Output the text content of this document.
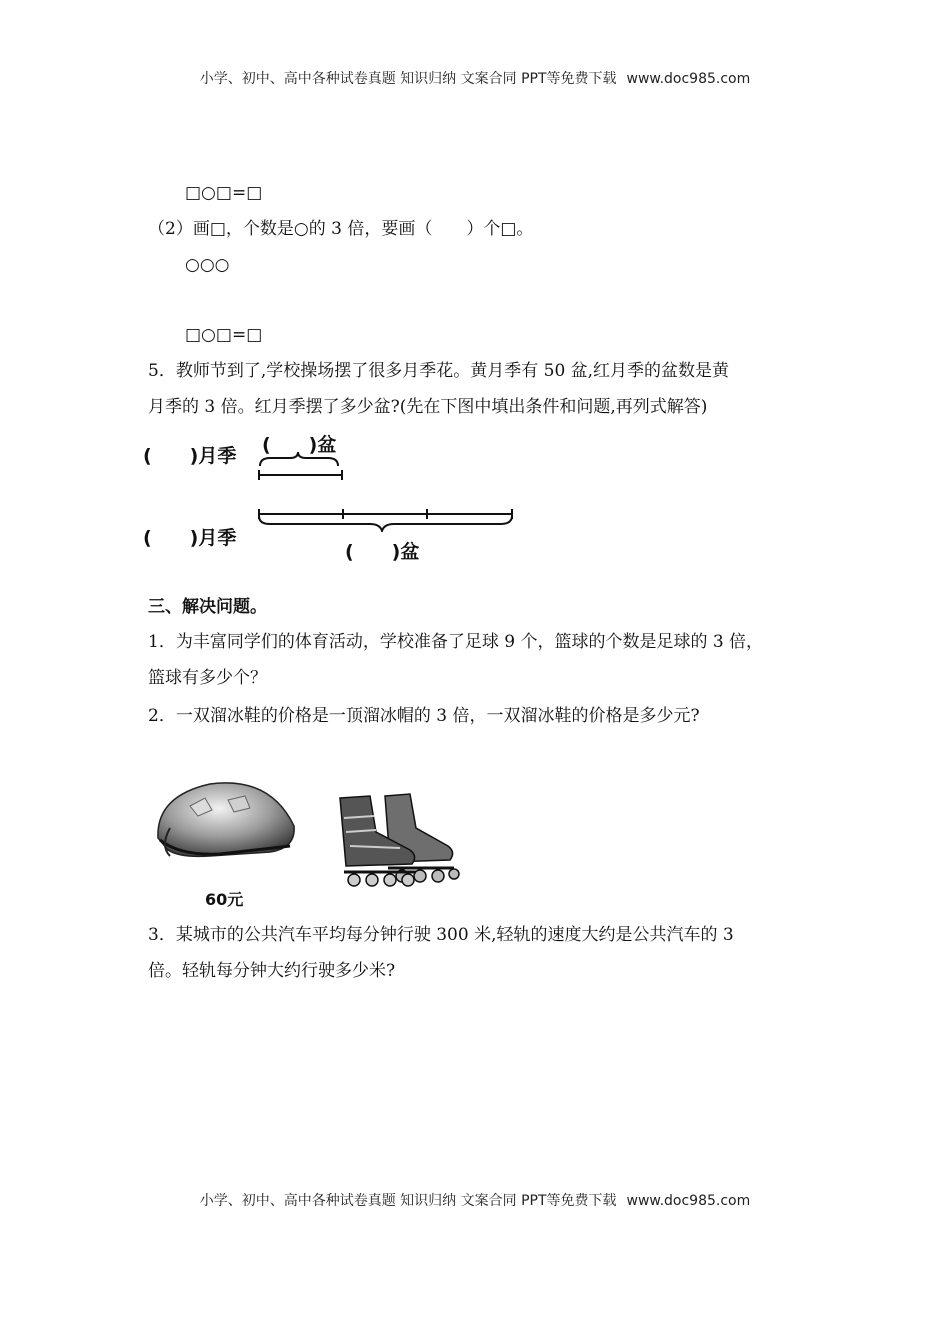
小学、初中、高中各种试卷真题 知识归纳 文案合同 PPT等免费下载 www.doc985.com
□○□=□
（2）画□，个数是○的 3 倍，要画（　　）个□。
○○○
□○□=□
5．教师节到了,学校操场摆了很多月季花。黄月季有 50 盆,红月季的盆数是黄
月季的 3 倍。红月季摆了多少盆?(先在下图中填出条件和问题,再列式解答)
(　　)月季 (　　)盆
(　　)月季
(　　)盆
三、解决问题。
1．为丰富同学们的体育活动，学校准备了足球 9 个，篮球的个数是足球的 3 倍，
篮球有多少个？
2．一双溜冰鞋的价格是一顶溜冰帽的 3 倍，一双溜冰鞋的价格是多少元?
60元
3．某城市的公共汽车平均每分钟行驶 300 米,轻轨的速度大约是公共汽车的 3
倍。轻轨每分钟大约行驶多少米?
小学、初中、高中各种试卷真题 知识归纳 文案合同 PPT等免费下载 www.doc985.com
